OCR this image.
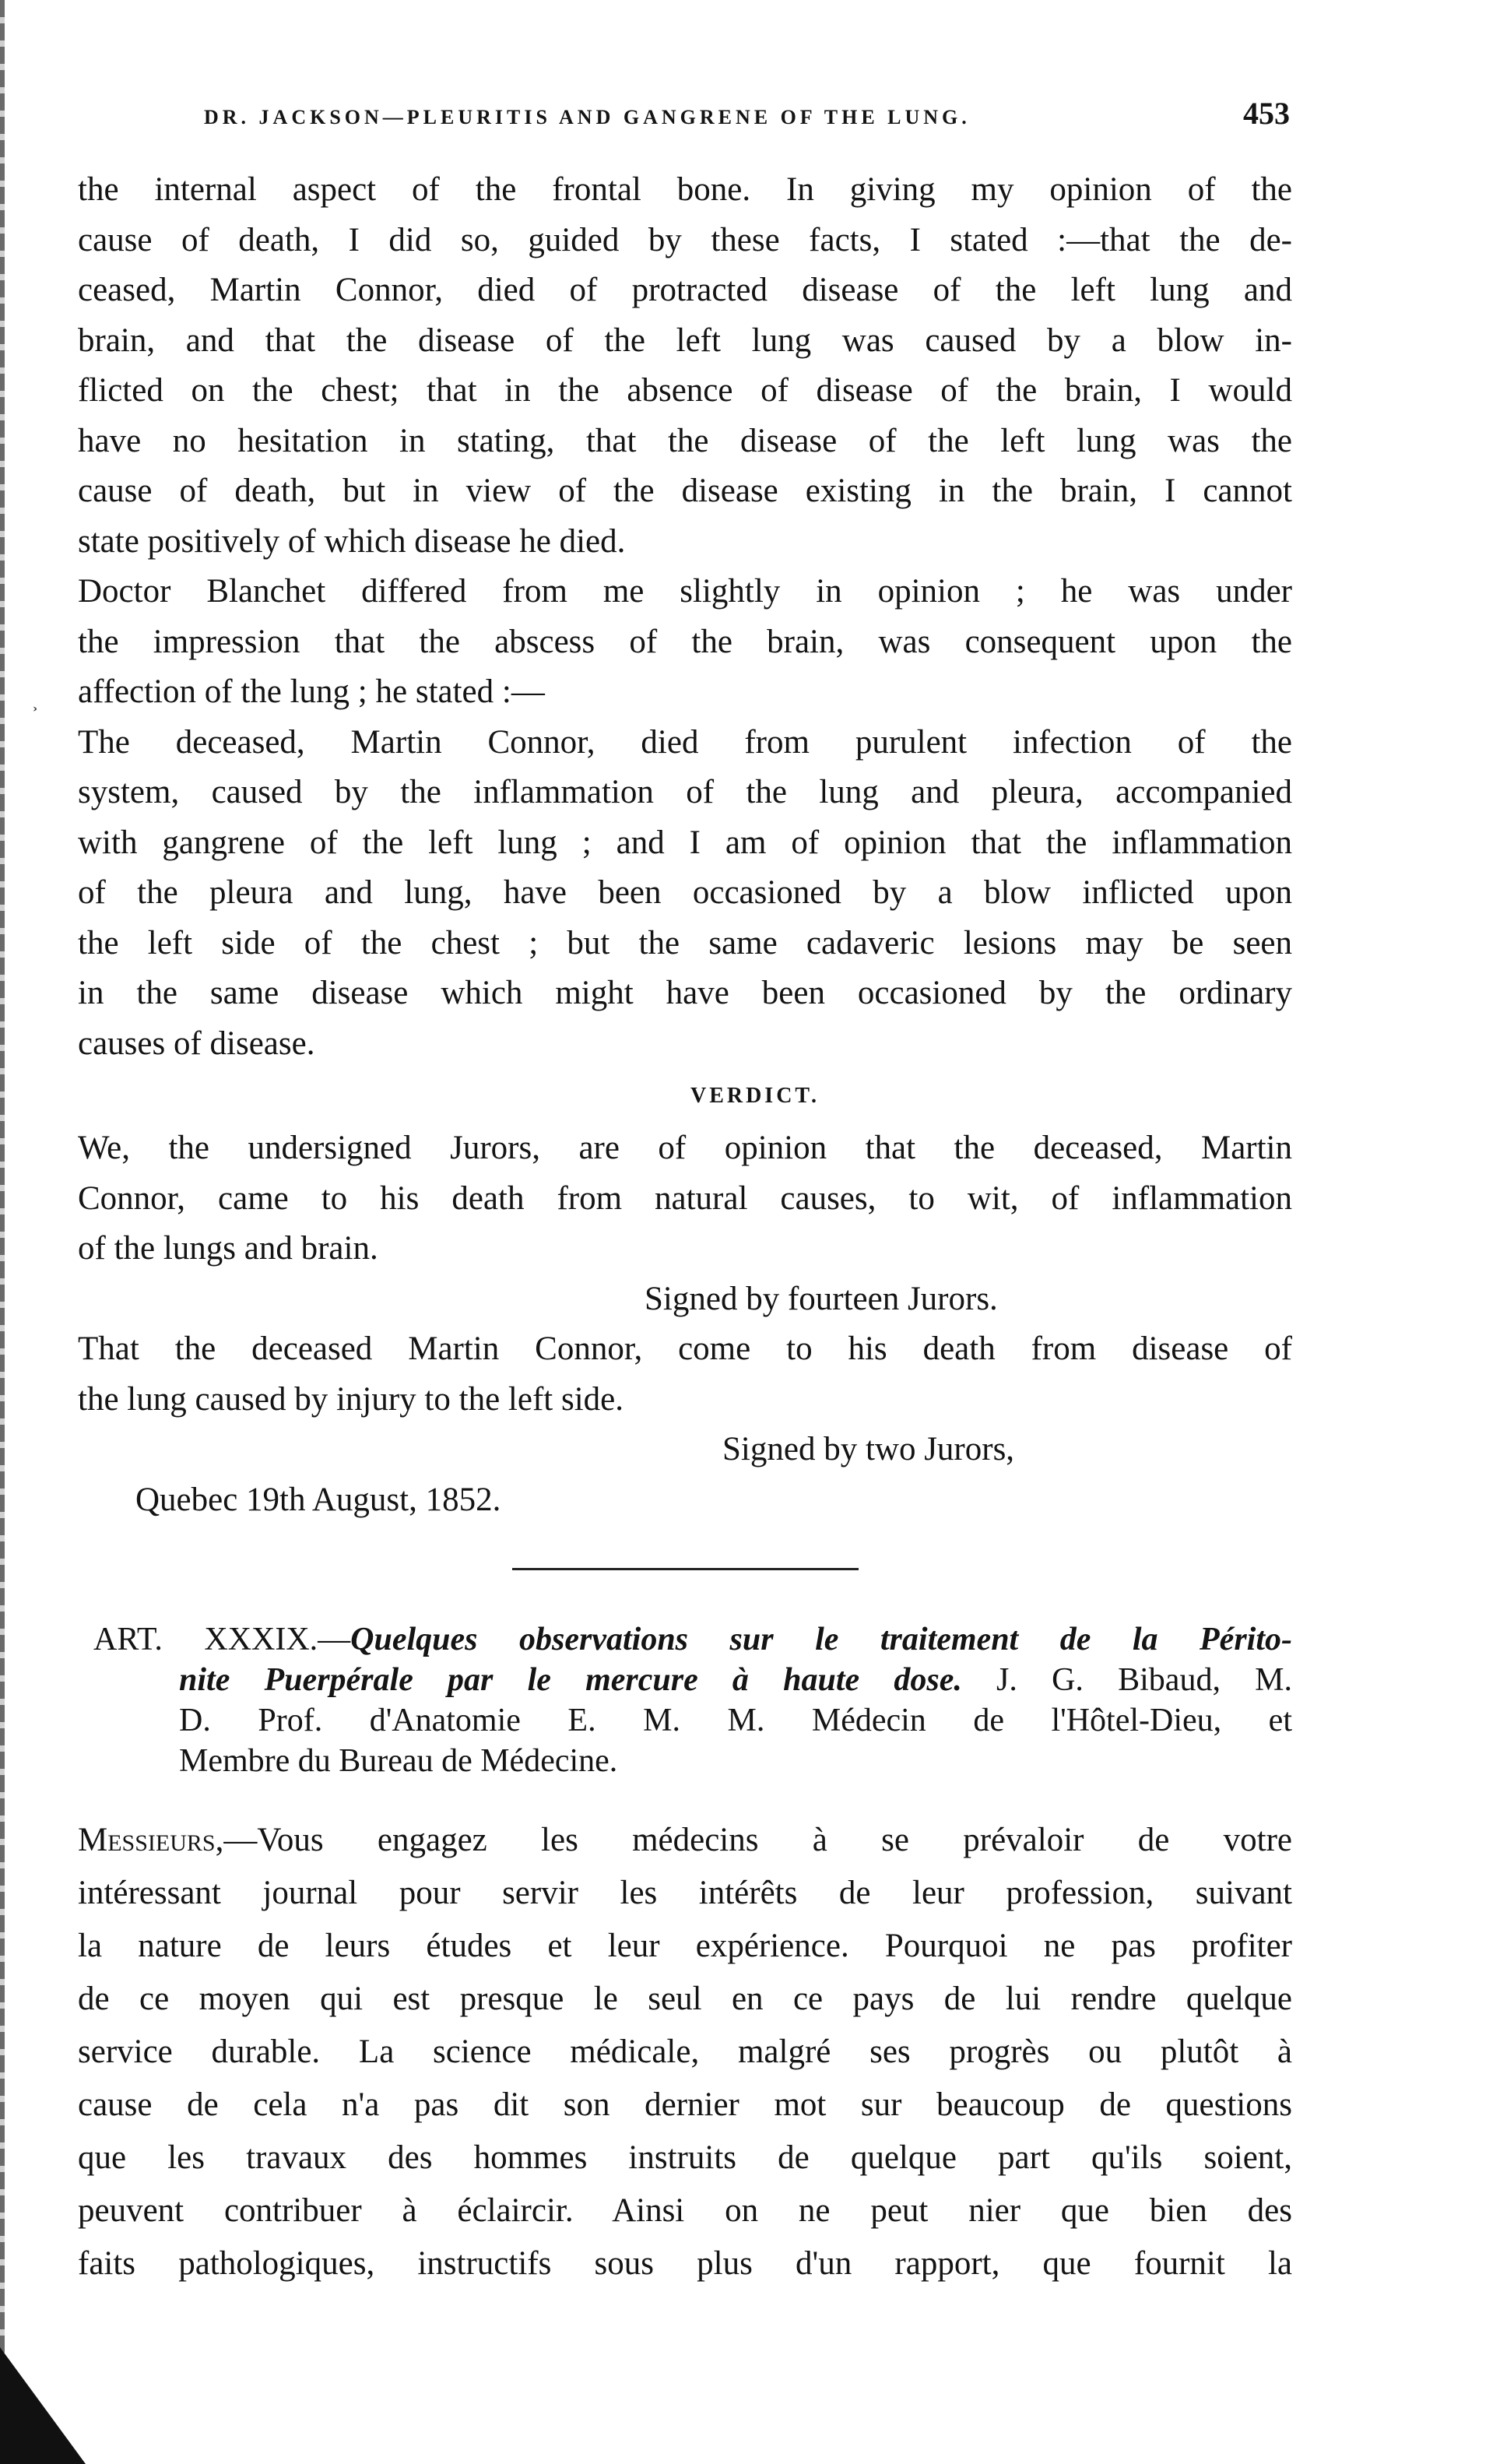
˲
DR. JACKSON—PLEURITIS AND GANGRENE OF THE LUNG.	453
the internal aspect of the frontal bone. In giving my opinion of the
cause of death, I did so, guided by these facts, I stated :—that the de-
ceased, Martin Connor, died of protracted disease of the left lung and
brain, and that the disease of the left lung was caused by a blow in-
flicted on the chest; that in the absence of disease of the brain, I would
have no hesitation in stating, that the disease of the left lung was the
cause of death, but in view of the disease existing in the brain, I cannot
state positively of which disease he died.
Doctor Blanchet differed from me slightly in opinion ; he was under
the impression that the abscess of the brain, was consequent upon the
affection of the lung ; he stated :—
The deceased, Martin Connor, died from purulent infection of the
system, caused by the inflammation of the lung and pleura, accompanied
with gangrene of the left lung ; and I am of opinion that the inflammation
of the pleura and lung, have been occasioned by a blow inflicted upon
the left side of the chest ; but the same cadaveric lesions may be seen
in the same disease which might have been occasioned by the ordinary
causes of disease.
VERDICT.
We, the undersigned Jurors, are of opinion that the deceased, Martin
Connor, came to his death from natural causes, to wit, of inflammation
of the lungs and brain.
Signed by fourteen Jurors.
That the deceased Martin Connor, come to his death from disease of
the lung caused by injury to the left side.
Signed by two Jurors,
Quebec 19th August, 1852.
ART. XXXIX.—Quelques observations sur le traitement de la Périto-
nite Puerpérale par le mercure à haute dose. J. G. Bibaud, M.
D. Prof. d'Anatomie E. M. M. Médecin de l'Hôtel-Dieu, et
Membre du Bureau de Médecine.
Messieurs,—Vous engagez les médecins à se prévaloir de votre
intéressant journal pour servir les intérêts de leur profession, suivant
la nature de leurs études et leur expérience. Pourquoi ne pas profiter
de ce moyen qui est presque le seul en ce pays de lui rendre quelque
service durable. La science médicale, malgré ses progrès ou plutôt à
cause de cela n'a pas dit son dernier mot sur beaucoup de questions
que les travaux des hommes instruits de quelque part qu'ils soient,
peuvent contribuer à éclaircir. Ainsi on ne peut nier que bien des
faits pathologiques, instructifs sous plus d'un rapport, que fournit la
